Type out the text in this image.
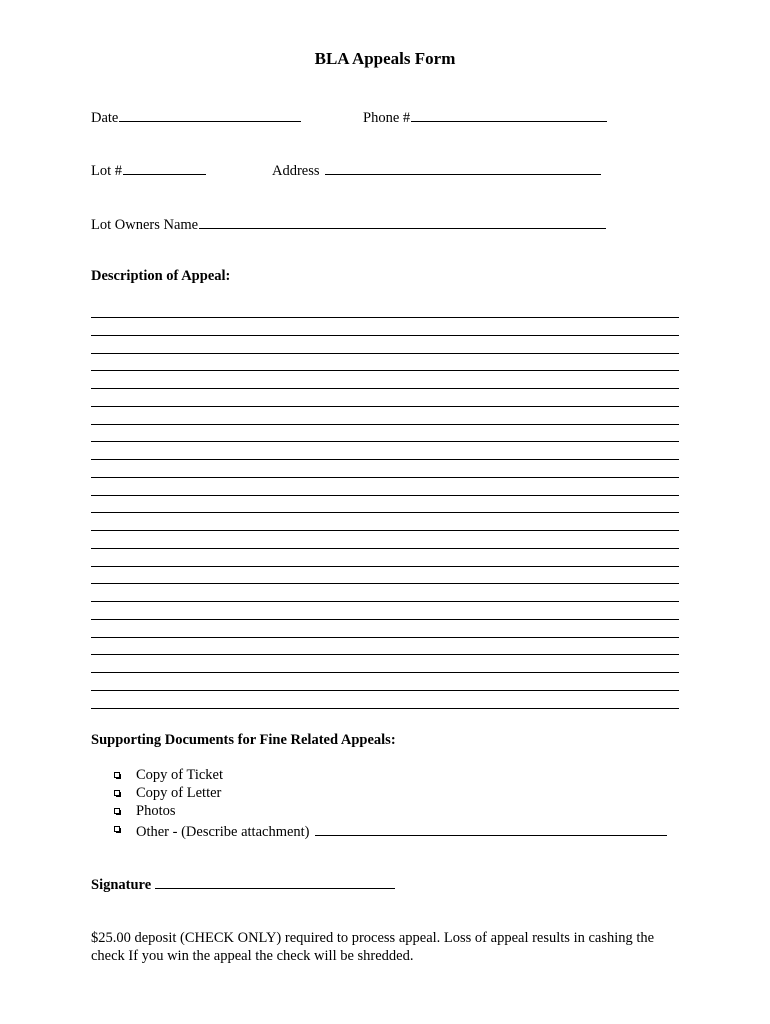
BLA Appeals Form
Date	Phone #
Lot #	Address
Lot Owners Name
Description of Appeal:
Supporting Documents for Fine Related Appeals:
Copy of Ticket
Copy of Letter
Photos
Other - (Describe attachment)
Signature
$25.00 deposit (CHECK ONLY) required to process appeal. Loss of appeal results in cashing the check If you win the appeal the check will be shredded.
